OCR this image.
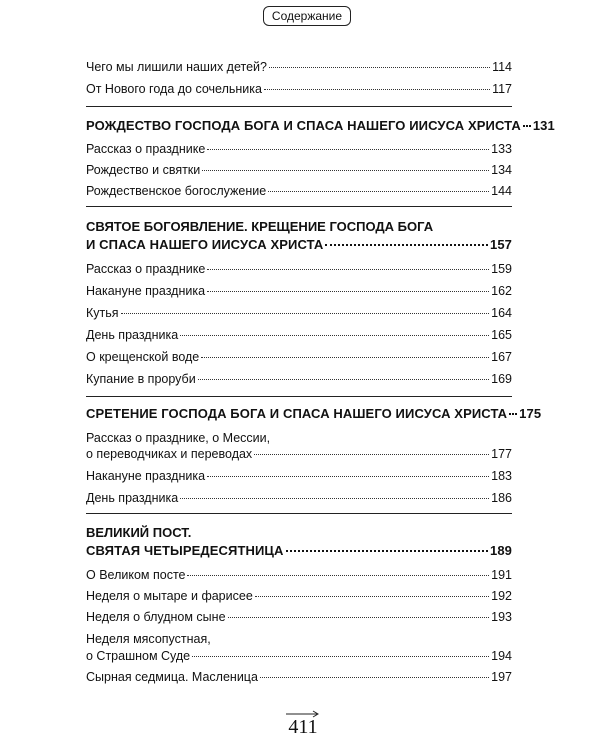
Содержание
Чего мы лишили наших детей?	114
От Нового года до сочельника	117
РОЖДЕСТВО ГОСПОДА БОГА И СПАСА НАШЕГО ИИСУСА ХРИСТА 131
Рассказ о празднике	133
Рождество и святки	134
Рождественское богослужение	144
СВЯТОЕ БОГОЯВЛЕНИЕ. КРЕЩЕНИЕ ГОСПОДА БОГА
И СПАСА НАШЕГО ИИСУСА ХРИСТА	157
Рассказ о празднике	159
Накануне праздника	162
Кутья	164
День праздника	165
О крещенской воде	167
Купание в проруби	169
СРЕТЕНИЕ ГОСПОДА БОГА И СПАСА НАШЕГО ИИСУСА ХРИСТА 175
Рассказ о празднике, о Мессии,
о переводчиках и переводах	177
Накануне праздника	183
День праздника	186
ВЕЛИКИЙ ПОСТ.
СВЯТАЯ ЧЕТЫРЕДЕСЯТНИЦА	189
О Великом посте	191
Неделя о мытаре и фарисее	192
Неделя о блудном сыне	193
Неделя мясопустная,
о Страшном Суде	194
Сырная седмица. Масленица	197
411
